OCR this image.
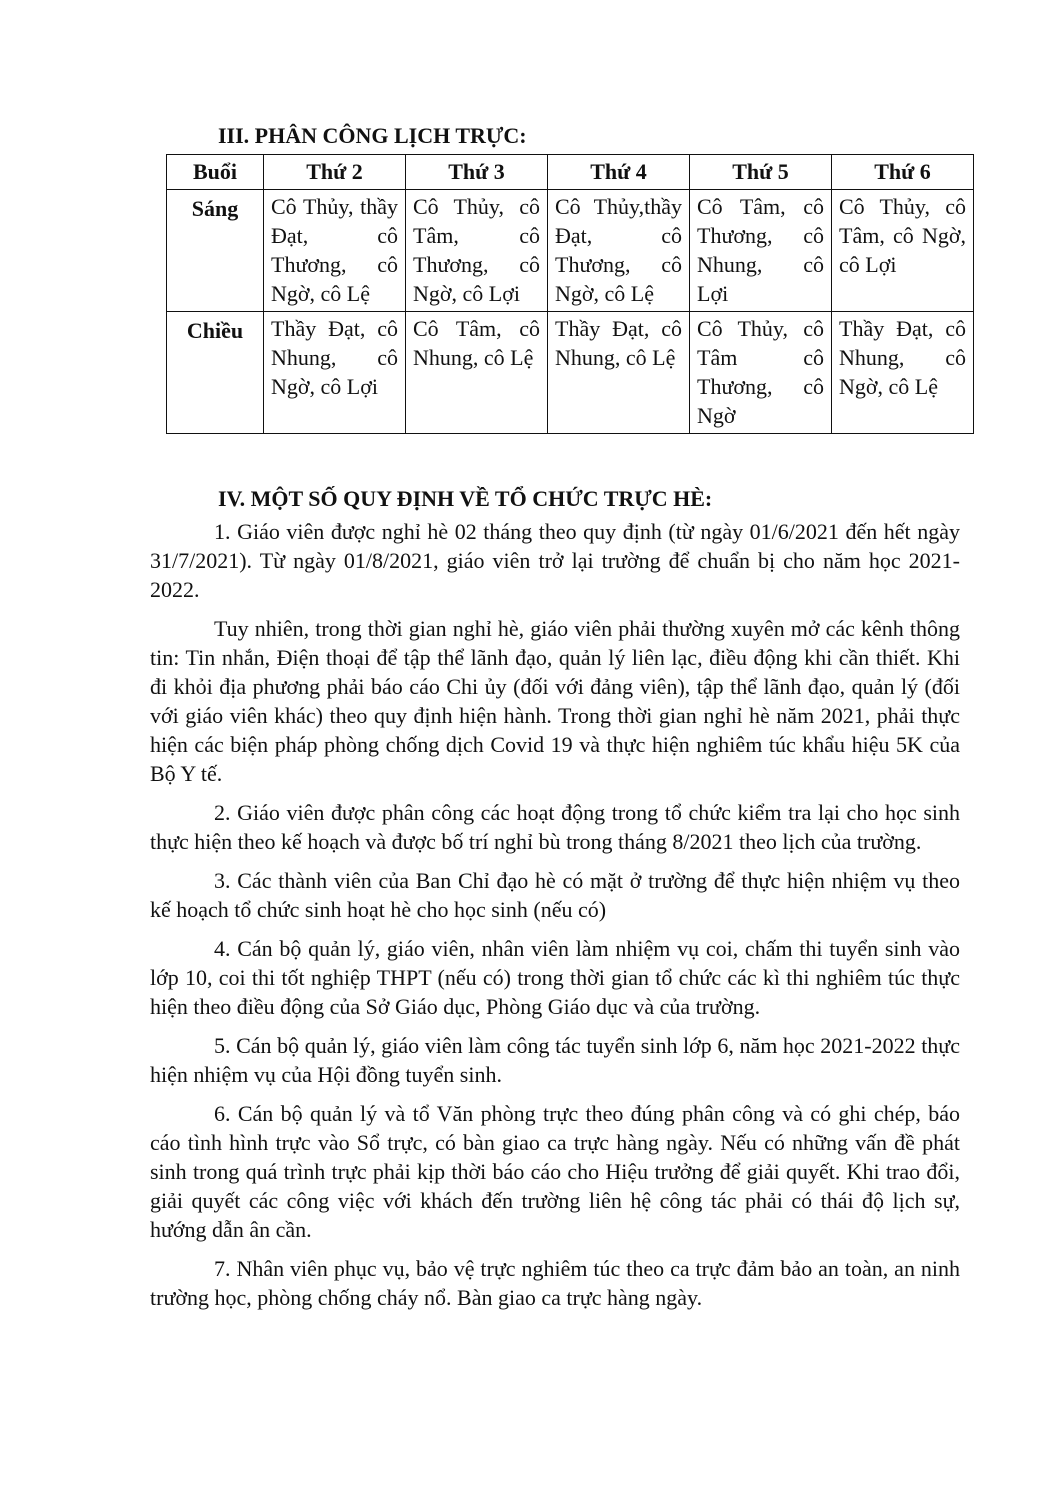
III. PHÂN CÔNG LỊCH TRỰC:
Buổi	Thứ 2	Thứ 3	Thứ 4	Thứ 5	Thứ 6
Sáng	Cô Thủy, thầy Đạt, cô Thương, cô Ngờ, cô Lệ	Cô Thủy, cô Tâm, cô Thương, cô Ngờ, cô Lợi	Cô Thủy,thầy Đạt, cô Thương, cô Ngờ, cô Lệ	Cô Tâm, cô Thương, cô Nhung, cô Lợi	Cô Thủy, cô Tâm, cô Ngờ, cô Lợi
Chiều	Thầy Đạt, cô Nhung, cô Ngờ, cô Lợi	Cô Tâm, cô Nhung, cô Lệ	Thầy Đạt, cô Nhung, cô Lệ	Cô Thủy, cô Tâm cô Thương, cô Ngờ	Thầy Đạt, cô Nhung, cô Ngờ, cô Lệ
IV. MỘT SỐ QUY ĐỊNH VỀ TỔ CHỨC TRỰC HÈ:

1. Giáo viên được nghỉ hè 02 tháng theo quy định (từ ngày 01/6/2021 đến hết ngày 31/7/2021). Từ ngày 01/8/2021, giáo viên trở lại trường để chuẩn bị cho năm học 2021-2022.

Tuy nhiên, trong thời gian nghỉ hè, giáo viên phải thường xuyên mở các kênh thông tin: Tin nhắn, Điện thoại để tập thể lãnh đạo, quản lý liên lạc, điều động khi cần thiết. Khi đi khỏi địa phương phải báo cáo Chi ủy (đối với đảng viên), tập thể lãnh đạo, quản lý (đối với giáo viên khác) theo quy định hiện hành. Trong thời gian nghỉ hè năm 2021, phải thực hiện các biện pháp phòng chống dịch Covid 19 và thực hiện nghiêm túc khẩu hiệu 5K của Bộ Y tế.

2. Giáo viên được phân công các hoạt động trong tổ chức kiểm tra lại cho học sinh thực hiện theo kế hoạch và được bố trí nghỉ bù trong tháng 8/2021 theo lịch của trường.

3. Các thành viên của Ban Chỉ đạo hè có mặt ở trường để thực hiện nhiệm vụ theo kế hoạch tổ chức sinh hoạt hè cho học sinh (nếu có)

4. Cán bộ quản lý, giáo viên, nhân viên làm nhiệm vụ coi, chấm thi tuyển sinh vào lớp 10, coi thi tốt nghiệp THPT (nếu có) trong thời gian tổ chức các kì thi nghiêm túc thực hiện theo điều động của Sở Giáo dục, Phòng Giáo dục và của trường.

5. Cán bộ quản lý, giáo viên làm công tác tuyển sinh lớp 6, năm học 2021-2022 thực hiện nhiệm vụ của Hội đồng tuyển sinh.

6. Cán bộ quản lý và tổ Văn phòng trực theo đúng phân công và có ghi chép, báo cáo tình hình trực vào Sổ trực, có bàn giao ca trực hàng ngày. Nếu có những vấn đề phát sinh trong quá trình trực phải kịp thời báo cáo cho Hiệu trưởng để giải quyết. Khi trao đổi, giải quyết các công việc với khách đến trường liên hệ công tác phải có thái độ lịch sự, hướng dẫn ân cần.

7. Nhân viên phục vụ, bảo vệ trực nghiêm túc theo ca trực đảm bảo an toàn, an ninh trường học, phòng chống cháy nổ. Bàn giao ca trực hàng ngày.
